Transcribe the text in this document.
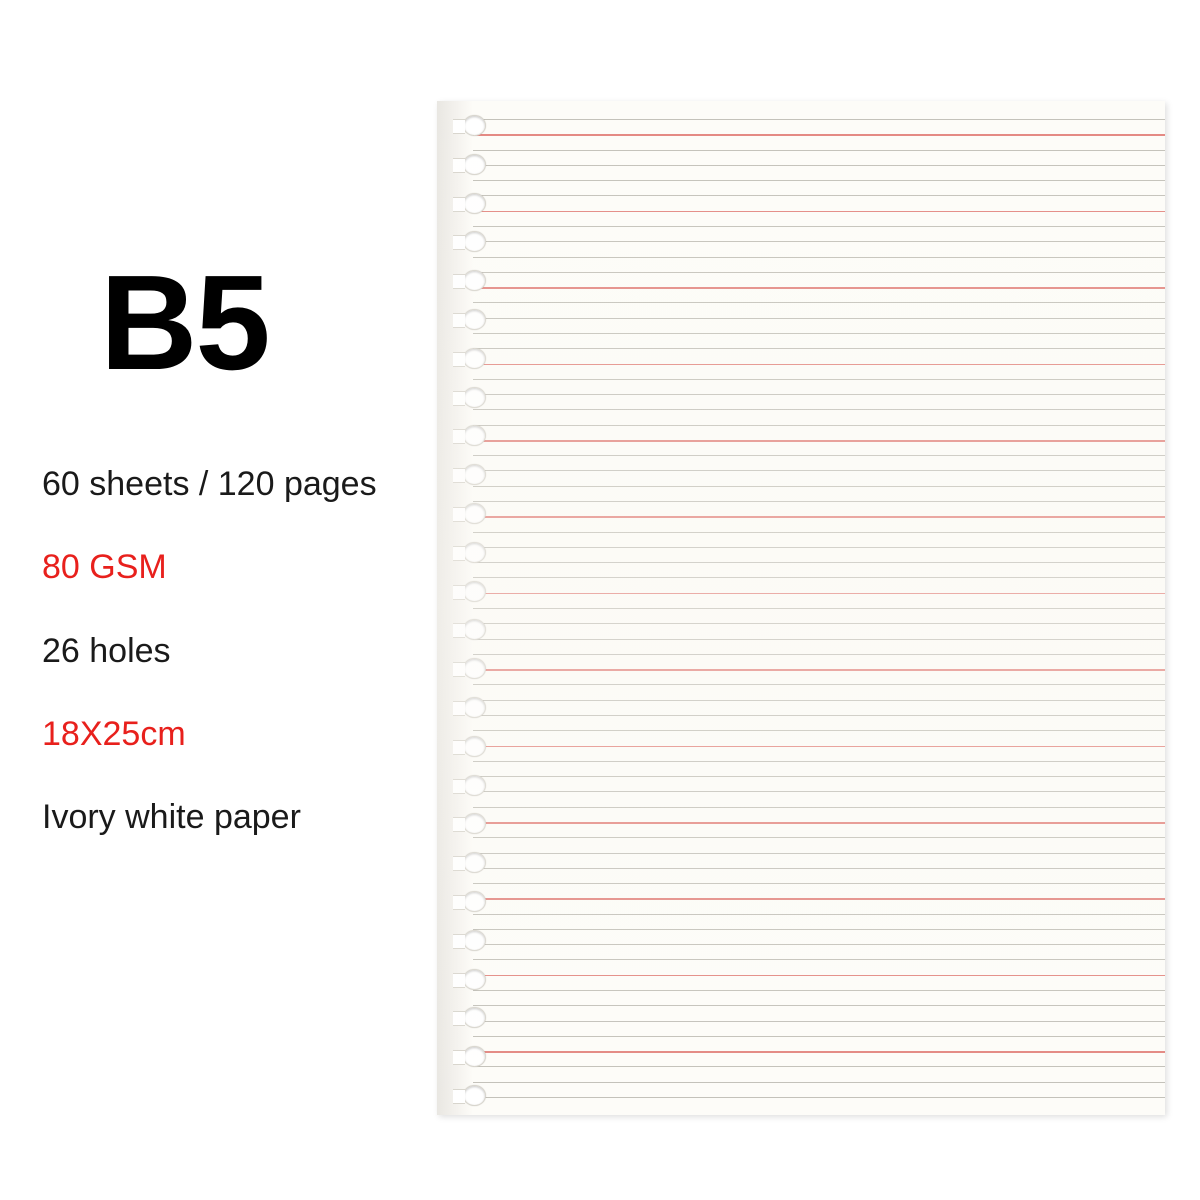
B5

60 sheets / 120 pages

80 GSM

26 holes

18X25cm

Ivory white paper
